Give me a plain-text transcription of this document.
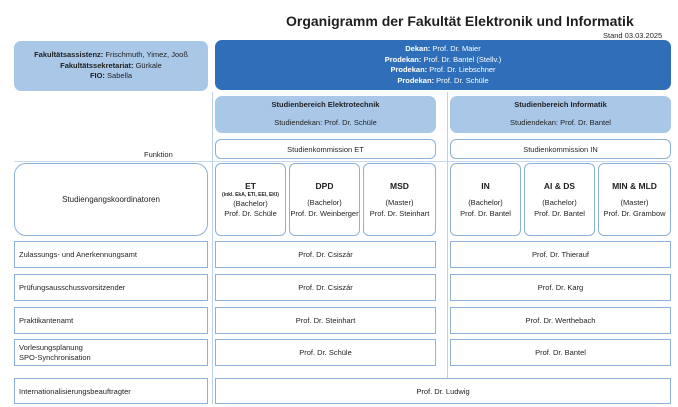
Organigramm der Fakultät Elektronik und Informatik
Stand 03.03.2025
Fakultätsassistenz: Frischmuth, Yimez, Jooß
Fakultätssekretariat: Gürkale
FIO: Sabella
Dekan: Prof. Dr. Maier
Prodekan: Prof. Dr. Bantel (Stellv.)
Prodekan: Prof. Dr. Liebschner
Prodekan: Prof. Dr. Schüle
Studienbereich Elektrotechnik
Studiendekan: Prof. Dr. Schüle
Studienbereich Informatik
Studiendekan: Prof. Dr. Bantel
Studienkommission ET	Studienkommission IN
Funktion
Studiengangskoordinatoren
ET
(inkl. EkA, ETI, EEI, EKI)
(Bachelor)
Prof. Dr. Schüle
DPD
(Bachelor)
Prof. Dr. Weinberger
MSD
(Master)
Prof. Dr. Steinhart
IN
(Bachelor)
Prof. Dr. Bantel
AI & DS
(Bachelor)
Prof. Dr. Bantel
MIN & MLD
(Master)
Prof. Dr. Grambow
Zulassungs- und Anerkennungsamt	Prof. Dr. Csiszár	Prof. Dr. Thierauf
Prüfungsausschussvorsitzender	Prof. Dr. Csiszár	Prof. Dr. Karg
Praktikantenamt	Prof. Dr. Steinhart	Prof. Dr. Werthebach
Vorlesungsplanung
SPO-Synchronisation	Prof. Dr. Schüle	Prof. Dr. Bantel
Internationalisierungsbeauftragter	Prof. Dr. Ludwig
